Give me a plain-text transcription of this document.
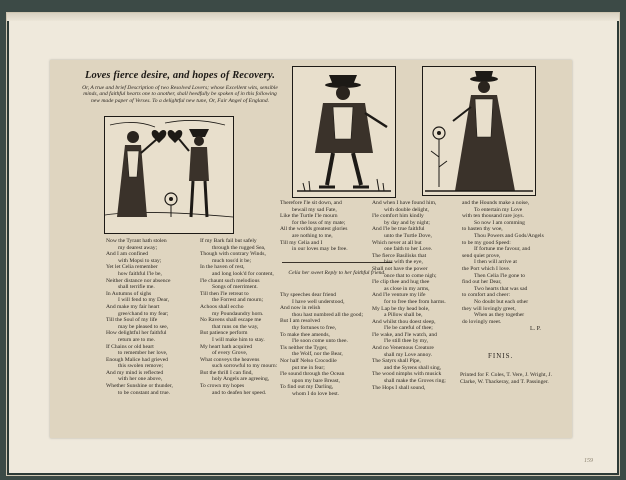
Loves fierce desire, and hopes of Recovery.
Or, A true and brief Description of two Resolved Lovers; whose Excellent wits, sensible minds, and faithful hearts one to another, shall heedfully be spoken of in this following new made paper of Verses. To a delightful new tune, Or, Fair Angel of England.
Now the Tyrant hath stolen
my dearest away;
And I am confined
with Mopsi to stay;
Yet let Celia remember
how faithful I'le be,
Neither distance nor absence
shall terrifie me.
In Autumns of sighs
I will fend to my Dear,
And make my fair heart
gree/chand to my fear;
Till the Soul of my life
may be pleased to see,
How delightful her faithful
return are to me.
If Chains or old heart
to remember her love,
Enough Malice had grieved
this swolen remove;
And my mind is reflected
with her one above,
Whether Sunshine or thunder,
to be constant and true.
If my Bark fail but safely
through the rugged Sea,
Though with contrary Winds,
much toss'd it be;
In the haven of rest,
and long look'd for content,
I'le chaunt such melodious
Songs of merriment.
Till then I'le retreat to
the Forrest and mourn;
Achoos shall eccho
my Poundaundry horn.
No Ravens shall escape me
that runs on the way,
But patience perform
I will make him to stay.
My heart hath acquired
of every Grove,
What conveys the heavens
such sorrowful to my mourn:
But the thrill I can find,
holy Angels are agreeing,
To crown my hopes
and to deafen her speed.
Therefore I'le sit down, and
bewail my sad Fate,
Like the Turtle I'le mourn
for the loss of my mate;
All the worlds greatest glories
are nothing to me,
Till my Celia and I
in our loves may be free.
Celia her sweet Reply to her faithful friend.
Thy speeches dear friend
I have well understood,
And now in relish
thou hast numbred all the good;
But I am resolved
thy fortunes to free,
To make thee amends,
I'le soon come unto thee.
Tis neither the Tyger,
the Wolf, nor the Bear,
Nor half Nelso Crocodile
put me in fear;
I'le sound through the Ocean
upon my bare Breast,
To find out my Darling,
whom I do love best.
And when I have found him,
with double delight,
I'le comfort him kindly
by day and by night;
And I'le be true faithful
unto the Turtle Dove,
Which never at all but
one faith to her Love.
The fierce Basilisks that
hiss with the eye,
Shall not have the power
once that to come nigh;
I'le clip thee and hug thee
as close in my arms,
And I'le venture my life
for to free thee from harms.
My Lap be thy head bole,
a Pillow shall be,
And whilst thou doest sleep,
I'le be careful of thee;
I'le wake, and I'le watch, and
I'le still thee by my,
And no Venemous Creature
shall my Love annoy.
The Satyrs shall Pipe,
and the Syrens shall sing,
The wood nimphs with musick
shall make the Groves ring;
The Hops I shall sound,
and the Hounds make a noise,
To entertain my Love
with ten thousand rare joys.
So now I am comming
to hasten thy woe,
Thou Powers and Gods/Angels
to be my good Speed:
If fortune me favour, and
send quiet prove,
I then will arrive at
the Port which I love.
Then Celia I'le gone to
find out her Dear,
Two hearts that was sad
to comfort and cheer:
No doubt but each other
they will lovingly greet,
When as they together
do lovingly meet.
L. P.
FINIS.
Printed for F. Coles, T. Vere, J. Wright, J. Clarke, W. Thackeray, and T. Passinger.
159
